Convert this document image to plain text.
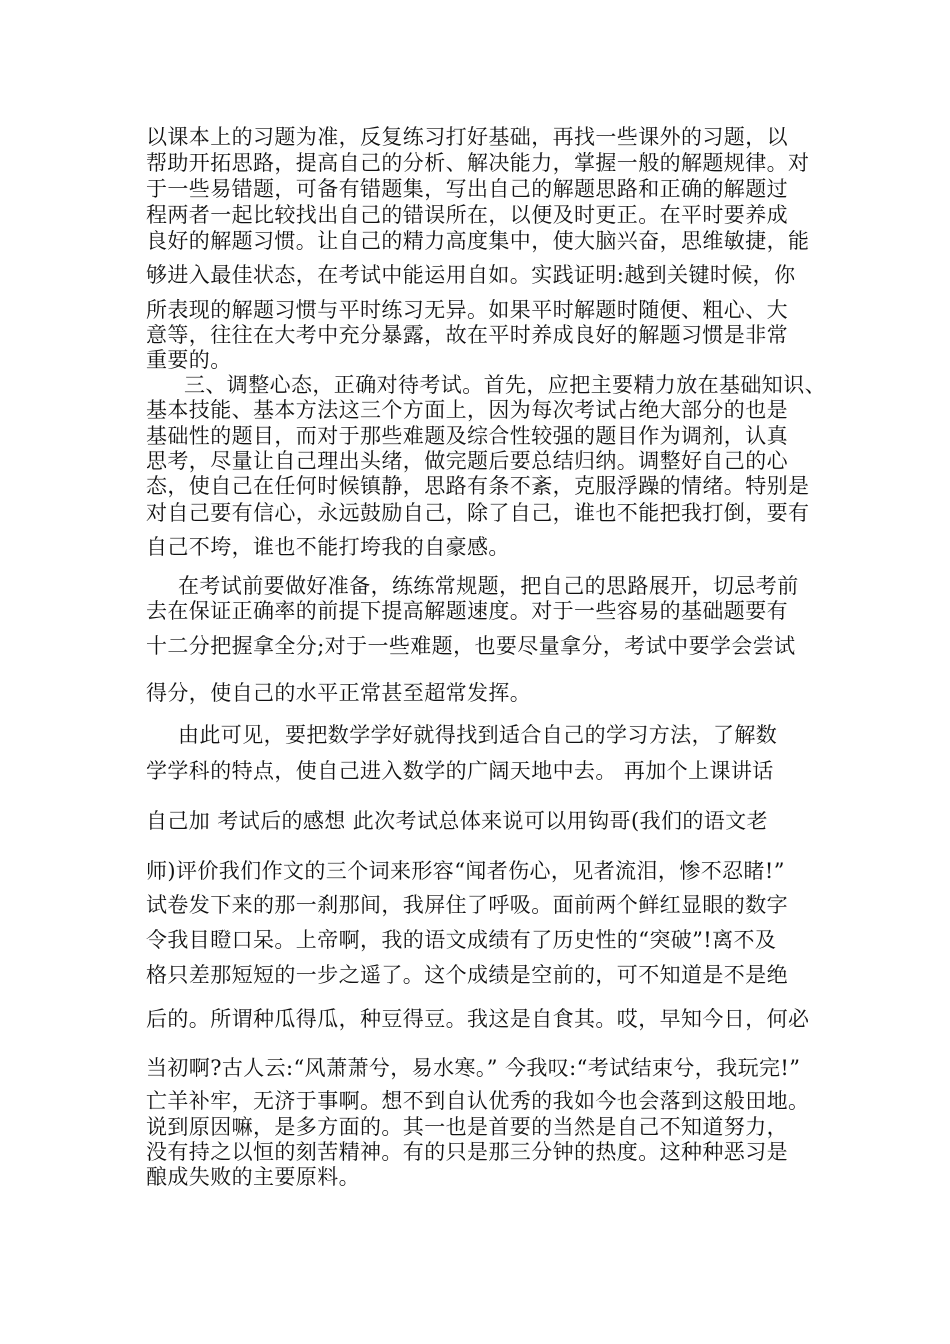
以课本上的习题为准，反复练习打好基础，再找一些课外的习题，以
帮助开拓思路，提高自己的分析、解决能力，掌握一般的解题规律。对
于一些易错题，可备有错题集，写出自己的解题思路和正确的解题过
程两者一起比较找出自己的错误所在，以便及时更正。在平时要养成
良好的解题习惯。让自己的精力高度集中，使大脑兴奋，思维敏捷，能
够进入最佳状态，在考试中能运用自如。实践证明:越到关键时候，你
所表现的解题习惯与平时练习无异。如果平时解题时随便、粗心、大
意等，往往在大考中充分暴露，故在平时养成良好的解题习惯是非常
重要的。
三、调整心态，正确对待考试。首先，应把主要精力放在基础知识、
基本技能、基本方法这三个方面上，因为每次考试占绝大部分的也是
基础性的题目，而对于那些难题及综合性较强的题目作为调剂，认真
思考，尽量让自己理出头绪，做完题后要总结归纳。调整好自己的心
态，使自己在任何时候镇静，思路有条不紊，克服浮躁的情绪。特别是
对自己要有信心，永远鼓励自己，除了自己，谁也不能把我打倒，要有
自己不垮，谁也不能打垮我的自豪感。
在考试前要做好准备，练练常规题，把自己的思路展开，切忌考前
去在保证正确率的前提下提高解题速度。对于一些容易的基础题要有
十二分把握拿全分;对于一些难题，也要尽量拿分，考试中要学会尝试
得分，使自己的水平正常甚至超常发挥。
由此可见，要把数学学好就得找到适合自己的学习方法，了解数
学学科的特点，使自己进入数学的广阔天地中去。 再加个上课讲话
自己加 考试后的感想 此次考试总体来说可以用钩哥(我们的语文老
师)评价我们作文的三个词来形容“闻者伤心，见者流泪，惨不忍睹!”
试卷发下来的那一刹那间，我屏住了呼吸。面前两个鲜红显眼的数字
令我目瞪口呆。上帝啊，我的语文成绩有了历史性的“突破”!离不及
格只差那短短的一步之遥了。这个成绩是空前的，可不知道是不是绝
后的。所谓种瓜得瓜，种豆得豆。我这是自食其。哎，早知今日，何必
当初啊?古人云:“风萧萧兮，易水寒。” 今我叹:“考试结束兮，我玩完!”
亡羊补牢，无济于事啊。想不到自认优秀的我如今也会落到这般田地。
说到原因嘛，是多方面的。其一也是首要的当然是自己不知道努力，
没有持之以恒的刻苦精神。有的只是那三分钟的热度。这种种恶习是
酿成失败的主要原料。
